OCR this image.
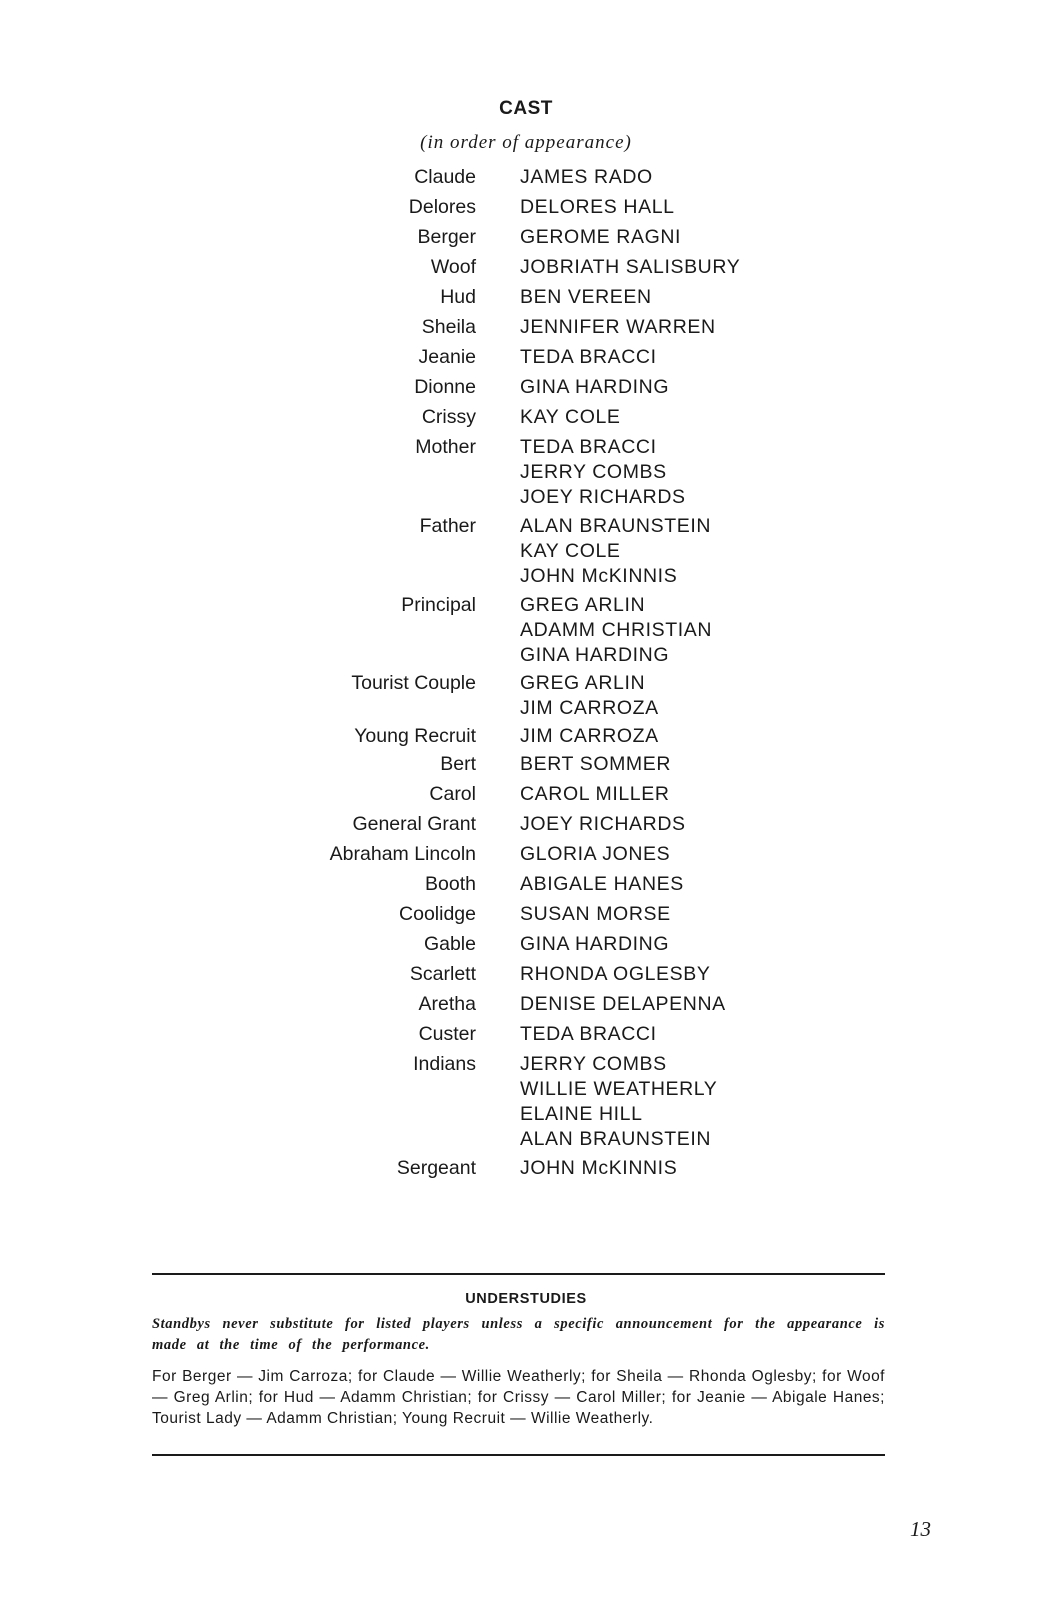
CAST
(in order of appearance)
Claude JAMES RADO
Delores DELORES HALL
Berger GEROME RAGNI
Woof JOBRIATH SALISBURY
Hud BEN VEREEN
Sheila JENNIFER WARREN
Jeanie TEDA BRACCI
Dionne GINA HARDING
Crissy KAY COLE
Mother TEDA BRACCI
JERRY COMBS
JOEY RICHARDS
Father ALAN BRAUNSTEIN
KAY COLE
JOHN McKINNIS
Principal GREG ARLIN
ADAMM CHRISTIAN
GINA HARDING
Tourist Couple GREG ARLIN
JIM CARROZA
Young Recruit JIM CARROZA
Bert BERT SOMMER
Carol CAROL MILLER
General Grant JOEY RICHARDS
Abraham Lincoln GLORIA JONES
Booth ABIGALE HANES
Coolidge SUSAN MORSE
Gable GINA HARDING
Scarlett RHONDA OGLESBY
Aretha DENISE DELAPENNA
Custer TEDA BRACCI
Indians JERRY COMBS
WILLIE WEATHERLY
ELAINE HILL
ALAN BRAUNSTEIN
Sergeant JOHN McKINNIS
UNDERSTUDIES
Standbys never substitute for listed players unless a specific announcement for the appearance is made at the time of the performance.
For Berger — Jim Carroza; for Claude — Willie Weatherly; for Sheila — Rhonda Oglesby; for Woof — Greg Arlin; for Hud — Adamm Christian; for Crissy — Carol Miller; for Jeanie — Abigale Hanes; Tourist Lady — Adamm Christian; Young Recruit — Willie Weatherly.
13
